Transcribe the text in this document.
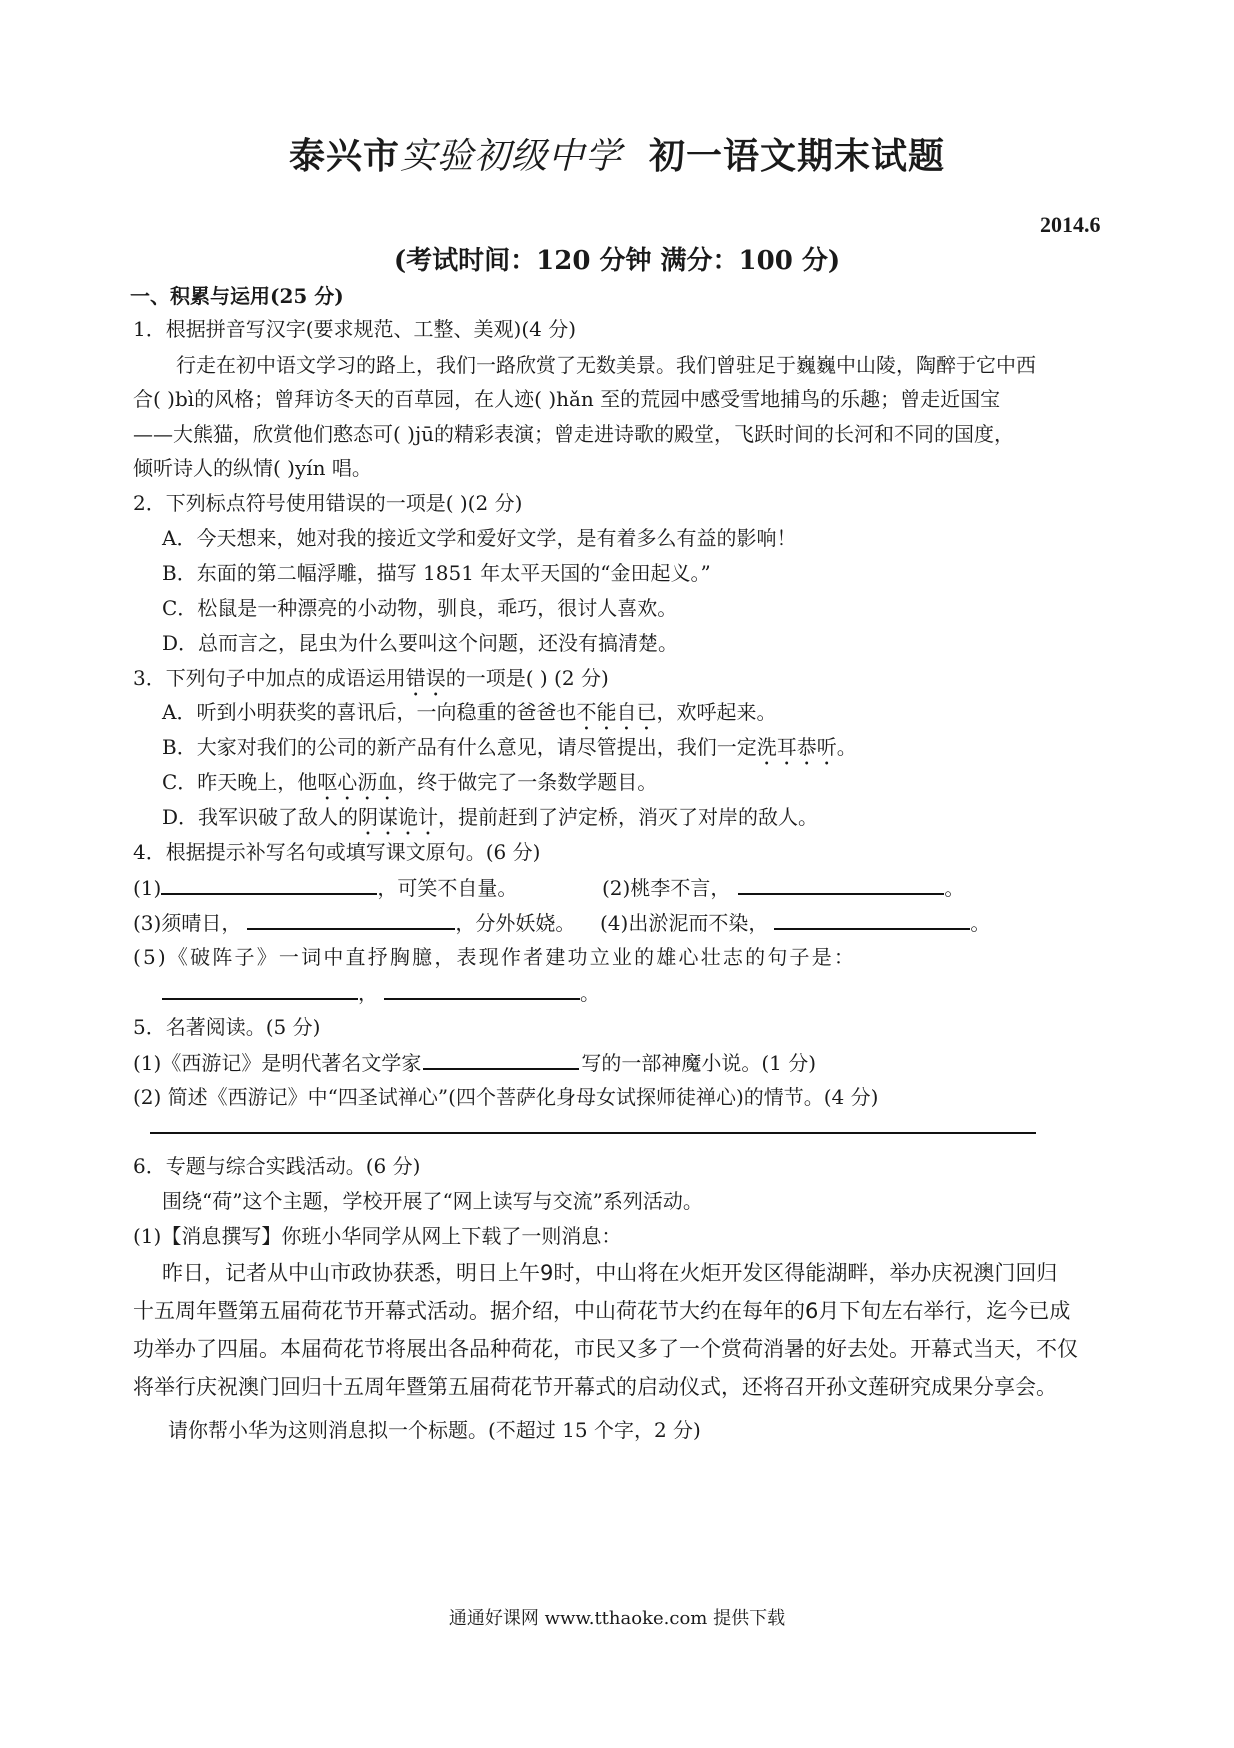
泰兴市实验初级中学 初一语文期末试题
2014.6
(考试时间：120 分钟 满分：100 分)
一、积累与运用(25 分)
1．根据拼音写汉字(要求规范、工整、美观)(4 分)
行走在初中语文学习的路上，我们一路欣赏了无数美景。我们曾驻足于巍巍中山陵，陶醉于它中西
合( )bì的风格；曾拜访冬天的百草园，在人迹( )hǎn 至的荒园中感受雪地捕鸟的乐趣；曾走近国宝
——大熊猫，欣赏他们憨态可( )jū的精彩表演；曾走进诗歌的殿堂，飞跃时间的长河和不同的国度，
倾听诗人的纵情( )yín 唱。
2．下列标点符号使用错误的一项是( )(2 分)
A．今天想来，她对我的接近文学和爱好文学，是有着多么有益的影响！
B．东面的第二幅浮雕，描写 1851 年太平天国的“金田起义。”
C．松鼠是一种漂亮的小动物，驯良，乖巧，很讨人喜欢。
D．总而言之，昆虫为什么要叫这个问题，还没有搞清楚。
3．下列句子中加点的成语运用错误的一项是( ) (2 分)
A．听到小明获奖的喜讯后，一向稳重的爸爸也不能自已，欢呼起来。
B．大家对我们的公司的新产品有什么意见，请尽管提出，我们一定洗耳恭听。
C．昨天晚上，他呕心沥血，终于做完了一条数学题目。
D．我军识破了敌人的阴谋诡计，提前赶到了泸定桥，消灭了对岸的敌人。
4．根据提示补写名句或填写课文原句。(6 分)
(1)	，可笑不自量。	(2)桃李不言，	。
(3)须晴日，	，分外妖娆。 (4)出淤泥而不染，	。
(5)《破阵子》一词中直抒胸臆，表现作者建功立业的雄心壮志的句子是：
，	。
5．名著阅读。(5 分)
(1)《西游记》是明代著名文学家	写的一部神魔小说。(1 分)
(2) 简述《西游记》中“四圣试禅心”(四个菩萨化身母女试探师徒禅心)的情节。(4 分)
6．专题与综合实践活动。(6 分)
围绕“荷”这个主题，学校开展了“网上读写与交流”系列活动。
(1)【消息撰写】你班小华同学从网上下载了一则消息：
昨日，记者从中山市政协获悉，明日上午9时，中山将在火炬开发区得能湖畔，举办庆祝澳门回归
十五周年暨第五届荷花节开幕式活动。据介绍，中山荷花节大约在每年的6月下旬左右举行，迄今已成
功举办了四届。本届荷花节将展出各品种荷花，市民又多了一个赏荷消暑的好去处。开幕式当天，不仅
将举行庆祝澳门回归十五周年暨第五届荷花节开幕式的启动仪式，还将召开孙文莲研究成果分享会。
请你帮小华为这则消息拟一个标题。(不超过 15 个字，2 分)
通通好课网 www.tthaoke.com 提供下载
